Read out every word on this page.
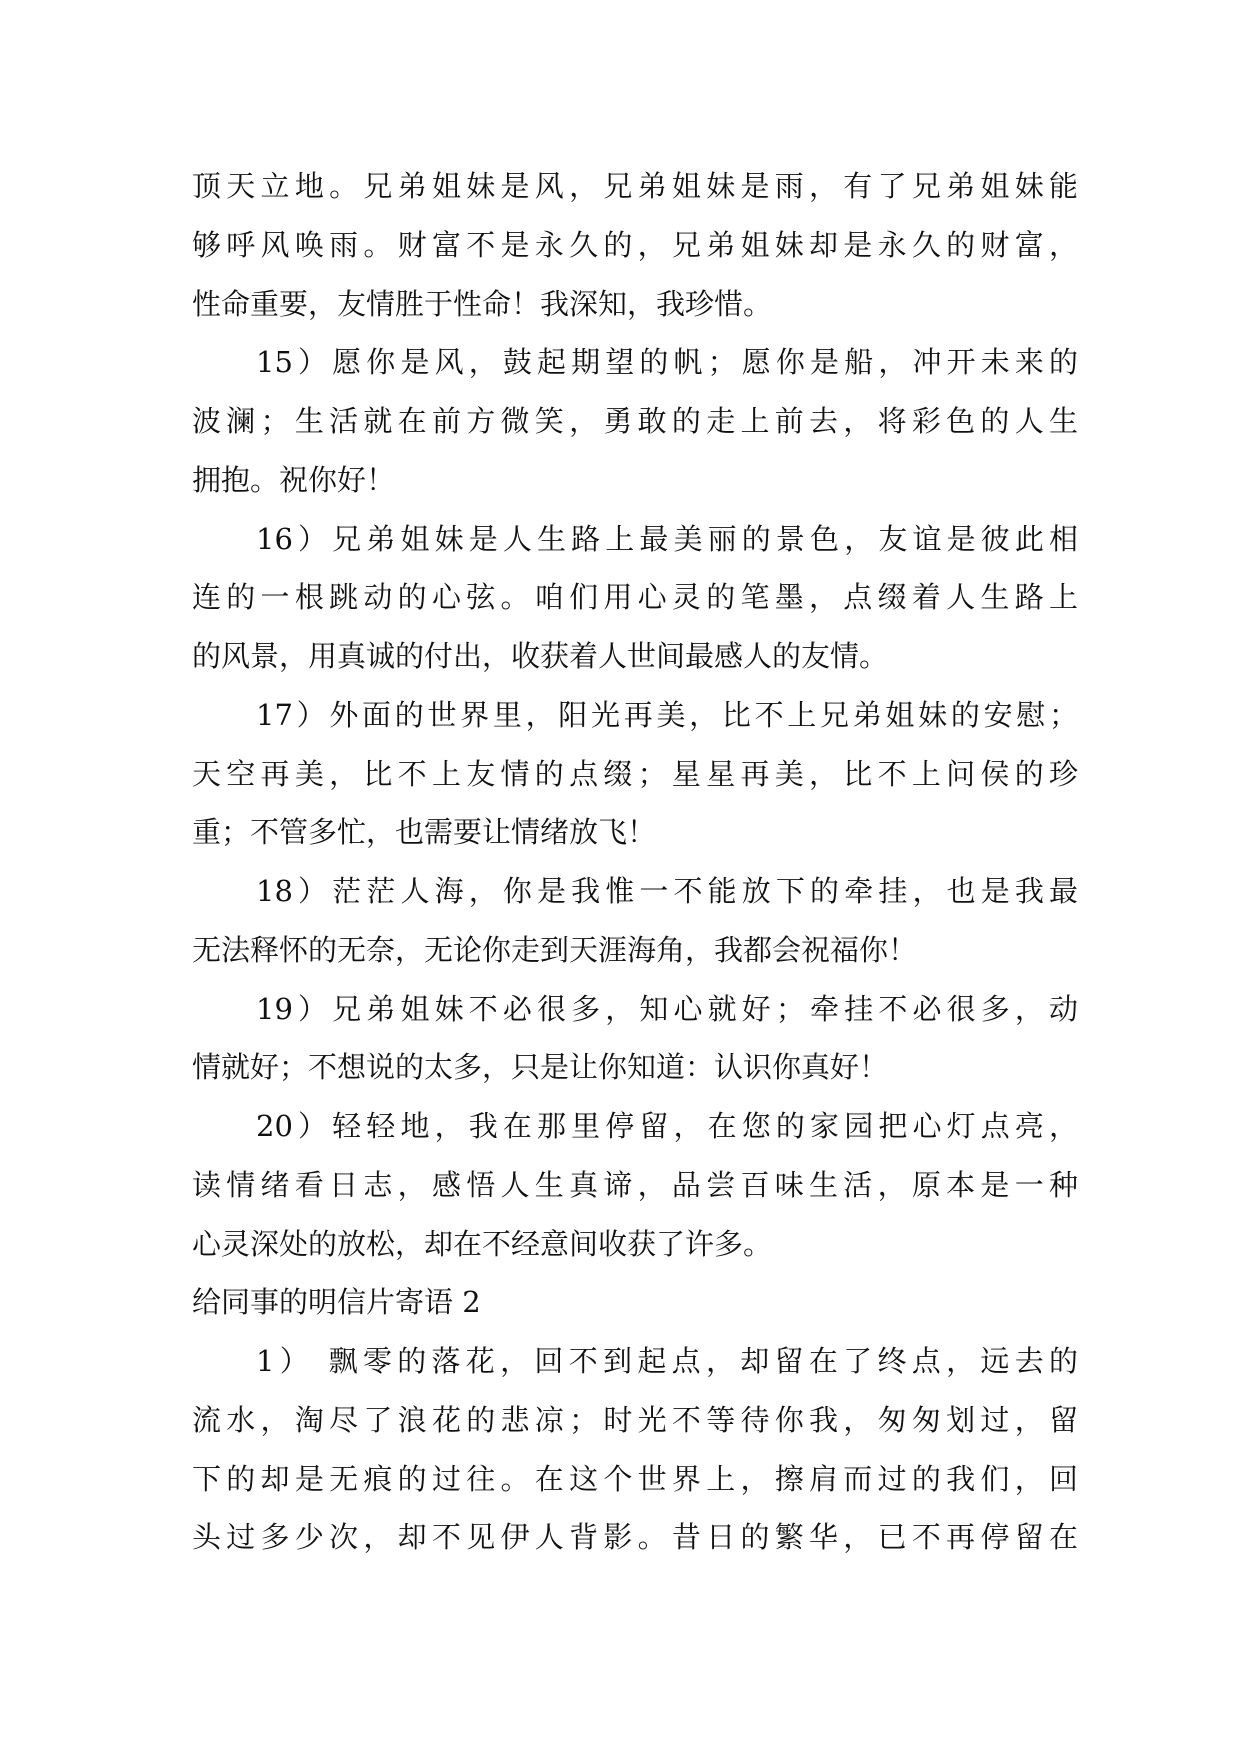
顶天立地。兄弟姐妹是风，兄弟姐妹是雨，有了兄弟姐妹能
够呼风唤雨。财富不是永久的，兄弟姐妹却是永久的财富，
性命重要，友情胜于性命！我深知，我珍惜。
15）愿你是风，鼓起期望的帆；愿你是船，冲开未来的
波澜；生活就在前方微笑，勇敢的走上前去，将彩色的人生
拥抱。祝你好！
16）兄弟姐妹是人生路上最美丽的景色，友谊是彼此相
连的一根跳动的心弦。咱们用心灵的笔墨，点缀着人生路上
的风景，用真诚的付出，收获着人世间最感人的友情。
17）外面的世界里，阳光再美，比不上兄弟姐妹的安慰；
天空再美，比不上友情的点缀；星星再美，比不上问侯的珍
重；不管多忙，也需要让情绪放飞！
18）茫茫人海，你是我惟一不能放下的牵挂，也是我最
无法释怀的无奈，无论你走到天涯海角，我都会祝福你！
19）兄弟姐妹不必很多，知心就好；牵挂不必很多，动
情就好；不想说的太多，只是让你知道：认识你真好！
20）轻轻地，我在那里停留，在您的家园把心灯点亮，
读情绪看日志，感悟人生真谛，品尝百味生活，原本是一种
心灵深处的放松，却在不经意间收获了许多。
给同事的明信片寄语 2
1） 飘零的落花，回不到起点，却留在了终点，远去的
流水，淘尽了浪花的悲凉；时光不等待你我，匆匆划过，留
下的却是无痕的过往。在这个世界上，擦肩而过的我们，回
头过多少次，却不见伊人背影。昔日的繁华，已不再停留在
